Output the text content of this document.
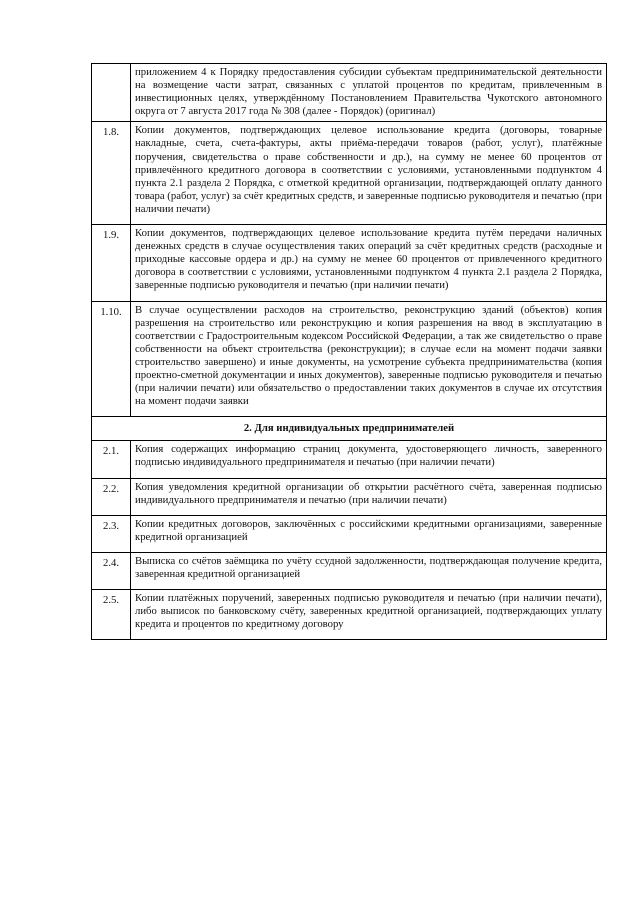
	приложением 4 к Порядку предоставления субсидии субъектам предпринимательской деятельности на возмещение части затрат, связанных с уплатой процентов по кредитам, привлеченным в инвестиционных целях, утверждённому Постановлением Правительства Чукотского автономного округа от 7 августа 2017 года № 308 (далее - Порядок) (оригинал)
1.8.	Копии документов, подтверждающих целевое использование кредита (договоры, товарные накладные, счета, счета-фактуры, акты приёма-передачи товаров (работ, услуг), платёжные поручения, свидетельства о праве собственности и др.), на сумму не менее 60 процентов от привлечённого кредитного договора в соответствии с условиями, установленными подпунктом 4 пункта 2.1 раздела 2 Порядка, с отметкой кредитной организации, подтверждающей оплату данного товара (работ, услуг) за счёт кредитных средств, и заверенные подписью руководителя и печатью (при наличии печати)
1.9.	Копии документов, подтверждающих целевое использование кредита путём передачи наличных денежных средств в случае осуществления таких операций за счёт кредитных средств (расходные и приходные кассовые ордера и др.) на сумму не менее 60 процентов от привлеченного кредитного договора в соответствии с условиями, установленными подпунктом 4 пункта 2.1 раздела 2 Порядка, заверенные подписью руководителя и печатью (при наличии печати)
1.10.	В случае осуществлении расходов на строительство, реконструкцию зданий (объектов) копия разрешения на строительство или реконструкцию и копия разрешения на ввод в эксплуатацию в соответствии с Градостроительным кодексом Российской Федерации, а так же свидетельство о праве собственности на объект строительства (реконструкции); в случае если на момент подачи заявки строительство завершено) и иные документы, на усмотрение субъекта предпринимательства (копия проектно-сметной документации и иных документов), заверенные подписью руководителя и печатью (при наличии печати) или обязательство о предоставлении таких документов в случае их отсутствия на момент подачи заявки
2. Для индивидуальных предпринимателей	
2.1.	Копия содержащих информацию страниц документа, удостоверяющего личность, заверенного подписью индивидуального предпринимателя и печатью (при наличии печати)
2.2.	Копия уведомления кредитной организации об открытии расчётного счёта, заверенная подписью индивидуального предпринимателя и печатью (при наличии печати)
2.3.	Копии кредитных договоров, заключённых с российскими кредитными организациями, заверенные кредитной организацией
2.4.	Выписка со счётов заёмщика по учёту ссудной задолженности, подтверждающая получение кредита, заверенная кредитной организацией
2.5.	Копии платёжных поручений, заверенных подписью руководителя и печатью (при наличии печати), либо выписок по банковскому счёту, заверенных кредитной организацией, подтверждающих уплату кредита и процентов по кредитному договору
